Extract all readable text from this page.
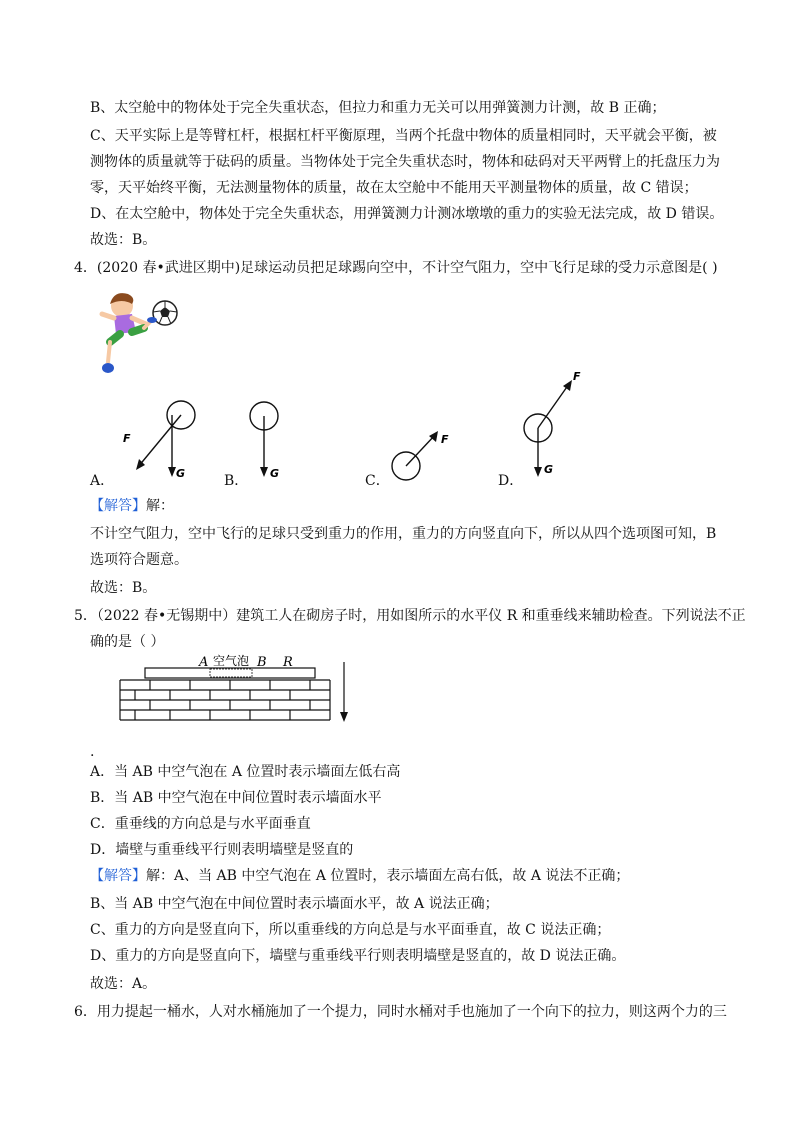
B、太空舱中的物体处于完全失重状态，但拉力和重力无关可以用弹簧测力计测，故 B 正确；
C、天平实际上是等臂杠杆，根据杠杆平衡原理，当两个托盘中物体的质量相同时，天平就会平衡，被
测物体的质量就等于砝码的质量。当物体处于完全失重状态时，物体和砝码对天平两臂上的托盘压力为
零，天平始终平衡，无法测量物体的质量，故在太空舱中不能用天平测量物体的质量，故 C 错误；
D、在太空舱中，物体处于完全失重状态，用弹簧测力计测冰墩墩的重力的实验无法完成，故 D 错误。
故选：B。
4．(2020 春•武进区期中)足球运动员把足球踢向空中，不计空气阻力，空中飞行足球的受力示意图是( )
A．
F
G	B． G	C．
F
D．
F
G
【解答】解：
不计空气阻力，空中飞行的足球只受到重力的作用，重力的方向竖直向下，所以从四个选项图可知，B
选项符合题意。
故选：B。
5．（2022 春•无锡期中）建筑工人在砌房子时，用如图所示的水平仪 R 和重垂线来辅助检查。下列说法不正
确的是（ ）
A 空气泡 B R
.
A．当 AB 中空气泡在 A 位置时表示墙面左低右高
B．当 AB 中空气泡在中间位置时表示墙面水平
C．重垂线的方向总是与水平面垂直
D．墙壁与重垂线平行则表明墙壁是竖直的
【解答】解：A、当 AB 中空气泡在 A 位置时，表示墙面左高右低，故 A 说法不正确；
B、当 AB 中空气泡在中间位置时表示墙面水平，故 A 说法正确；
C、重力的方向是竖直向下，所以重垂线的方向总是与水平面垂直，故 C 说法正确；
D、重力的方向是竖直向下，墙壁与重垂线平行则表明墙壁是竖直的，故 D 说法正确。
故选：A。
6．用力提起一桶水，人对水桶施加了一个提力，同时水桶对手也施加了一个向下的拉力，则这两个力的三
